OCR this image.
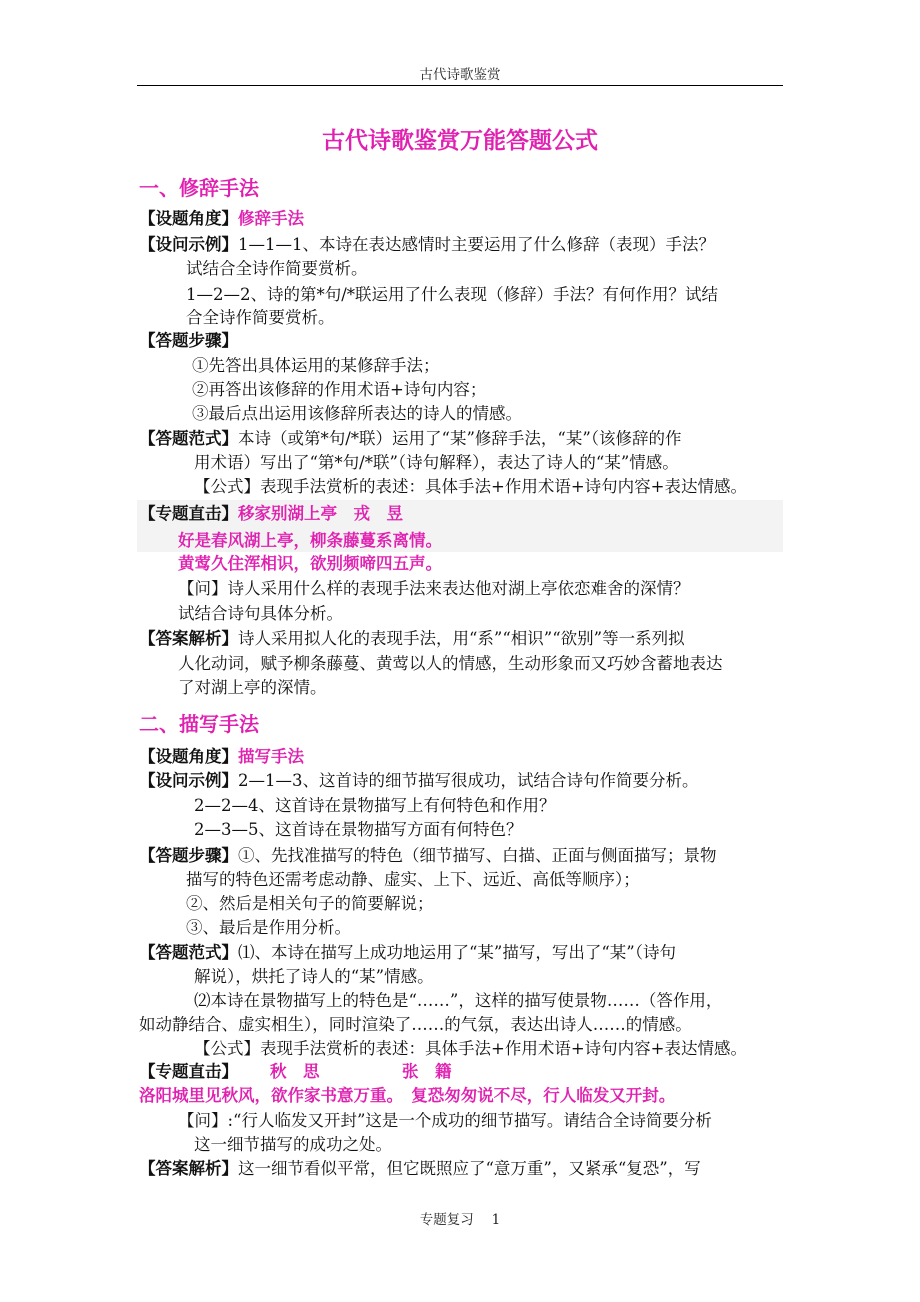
古代诗歌鉴赏
古代诗歌鉴赏万能答题公式
一、修辞手法
【设题角度】修辞手法
【设问示例】1—1—1、本诗在表达感情时主要运用了什么修辞（表现）手法？
试结合全诗作简要赏析。
1—2—2、诗的第*句/*联运用了什么表现（修辞）手法？有何作用？试结
合全诗作简要赏析。
【答题步骤】
①先答出具体运用的某修辞手法；
②再答出该修辞的作用术语+诗句内容；
③最后点出运用该修辞所表达的诗人的情感。
【答题范式】本诗（或第*句/*联）运用了“某”修辞手法，“某”（该修辞的作
用术语）写出了“第*句/*联”（诗句解释），表达了诗人的“某”情感。
【公式】表现手法赏析的表述：具体手法+作用术语+诗句内容+表达情感。
【专题直击】移家别湖上亭　戎　昱
好是春风湖上亭，柳条藤蔓系离情。
黄莺久住浑相识，欲别频啼四五声。
【问】诗人采用什么样的表现手法来表达他对湖上亭依恋难舍的深情？
试结合诗句具体分析。
【答案解析】诗人采用拟人化的表现手法，用“系”“相识”“欲别”等一系列拟
人化动词，赋予柳条藤蔓、黄莺以人的情感，生动形象而又巧妙含蓄地表达
了对湖上亭的深情。
二、描写手法
【设题角度】描写手法
【设问示例】2—1—3、这首诗的细节描写很成功，试结合诗句作简要分析。
2—2—4、这首诗在景物描写上有何特色和作用？
2—3—5、这首诗在景物描写方面有何特色？
【答题步骤】①、先找准描写的特色（细节描写、白描、正面与侧面描写；景物
描写的特色还需考虑动静、虚实、上下、远近、高低等顺序）；
②、然后是相关句子的简要解说；
③、最后是作用分析。
【答题范式】⑴、本诗在描写上成功地运用了“某”描写，写出了“某”（诗句
解说），烘托了诗人的“某”情感。
⑵本诗在景物描写上的特色是“……”，这样的描写使景物……（答作用，
如动静结合、虚实相生），同时渲染了……的气氛，表达出诗人……的情感。
【公式】表现手法赏析的表述：具体手法+作用术语+诗句内容+表达情感。
【专题直击】 秋　思　　　　　张　籍
洛阳城里见秋风，欲作家书意万重。　复恐匆匆说不尽，行人临发又开封。
【问】:“行人临发又开封”这是一个成功的细节描写。请结合全诗简要分析
这一细节描写的成功之处。
【答案解析】这一细节看似平常，但它既照应了“意万重”，又紧承“复恐”，写
专题复习　 1
